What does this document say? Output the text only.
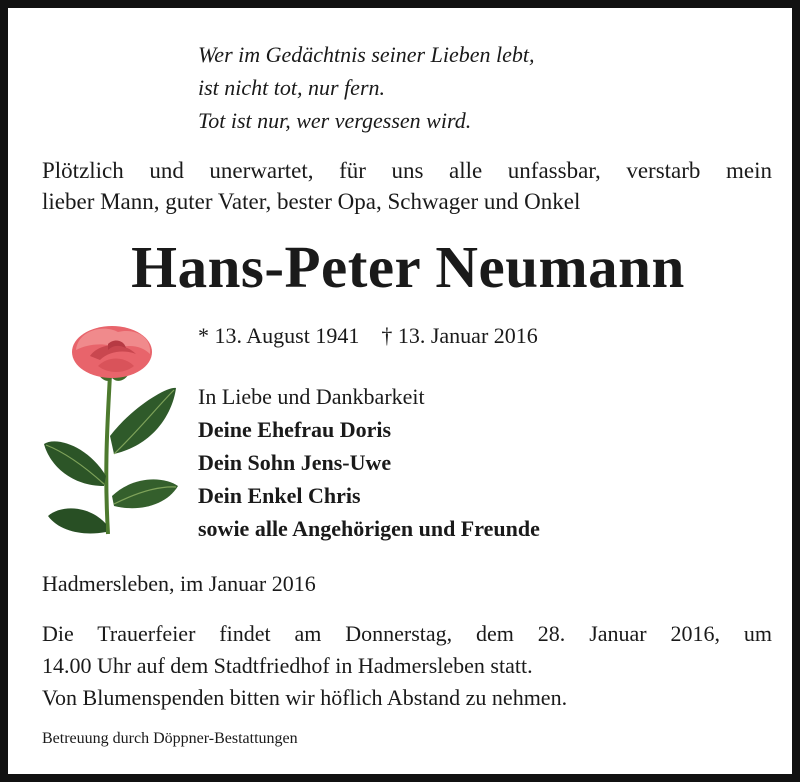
Wer im Gedächtnis seiner Lieben lebt,
ist nicht tot, nur fern.
Tot ist nur, wer vergessen wird.
Plötzlich und unerwartet, für uns alle unfassbar, verstarb mein
lieber Mann, guter Vater, bester Opa, Schwager und Onkel
Hans-Peter Neumann
* 13. August 1941 † 13. Januar 2016
In Liebe und Dankbarkeit
Deine Ehefrau Doris
Dein Sohn Jens-Uwe
Dein Enkel Chris
sowie alle Angehörigen und Freunde
Hadmersleben, im Januar 2016
Die Trauerfeier findet am Donnerstag, dem 28. Januar 2016, um
14.00 Uhr auf dem Stadtfriedhof in Hadmersleben statt.
Von Blumenspenden bitten wir höflich Abstand zu nehmen.
Betreuung durch Döppner-Bestattungen
